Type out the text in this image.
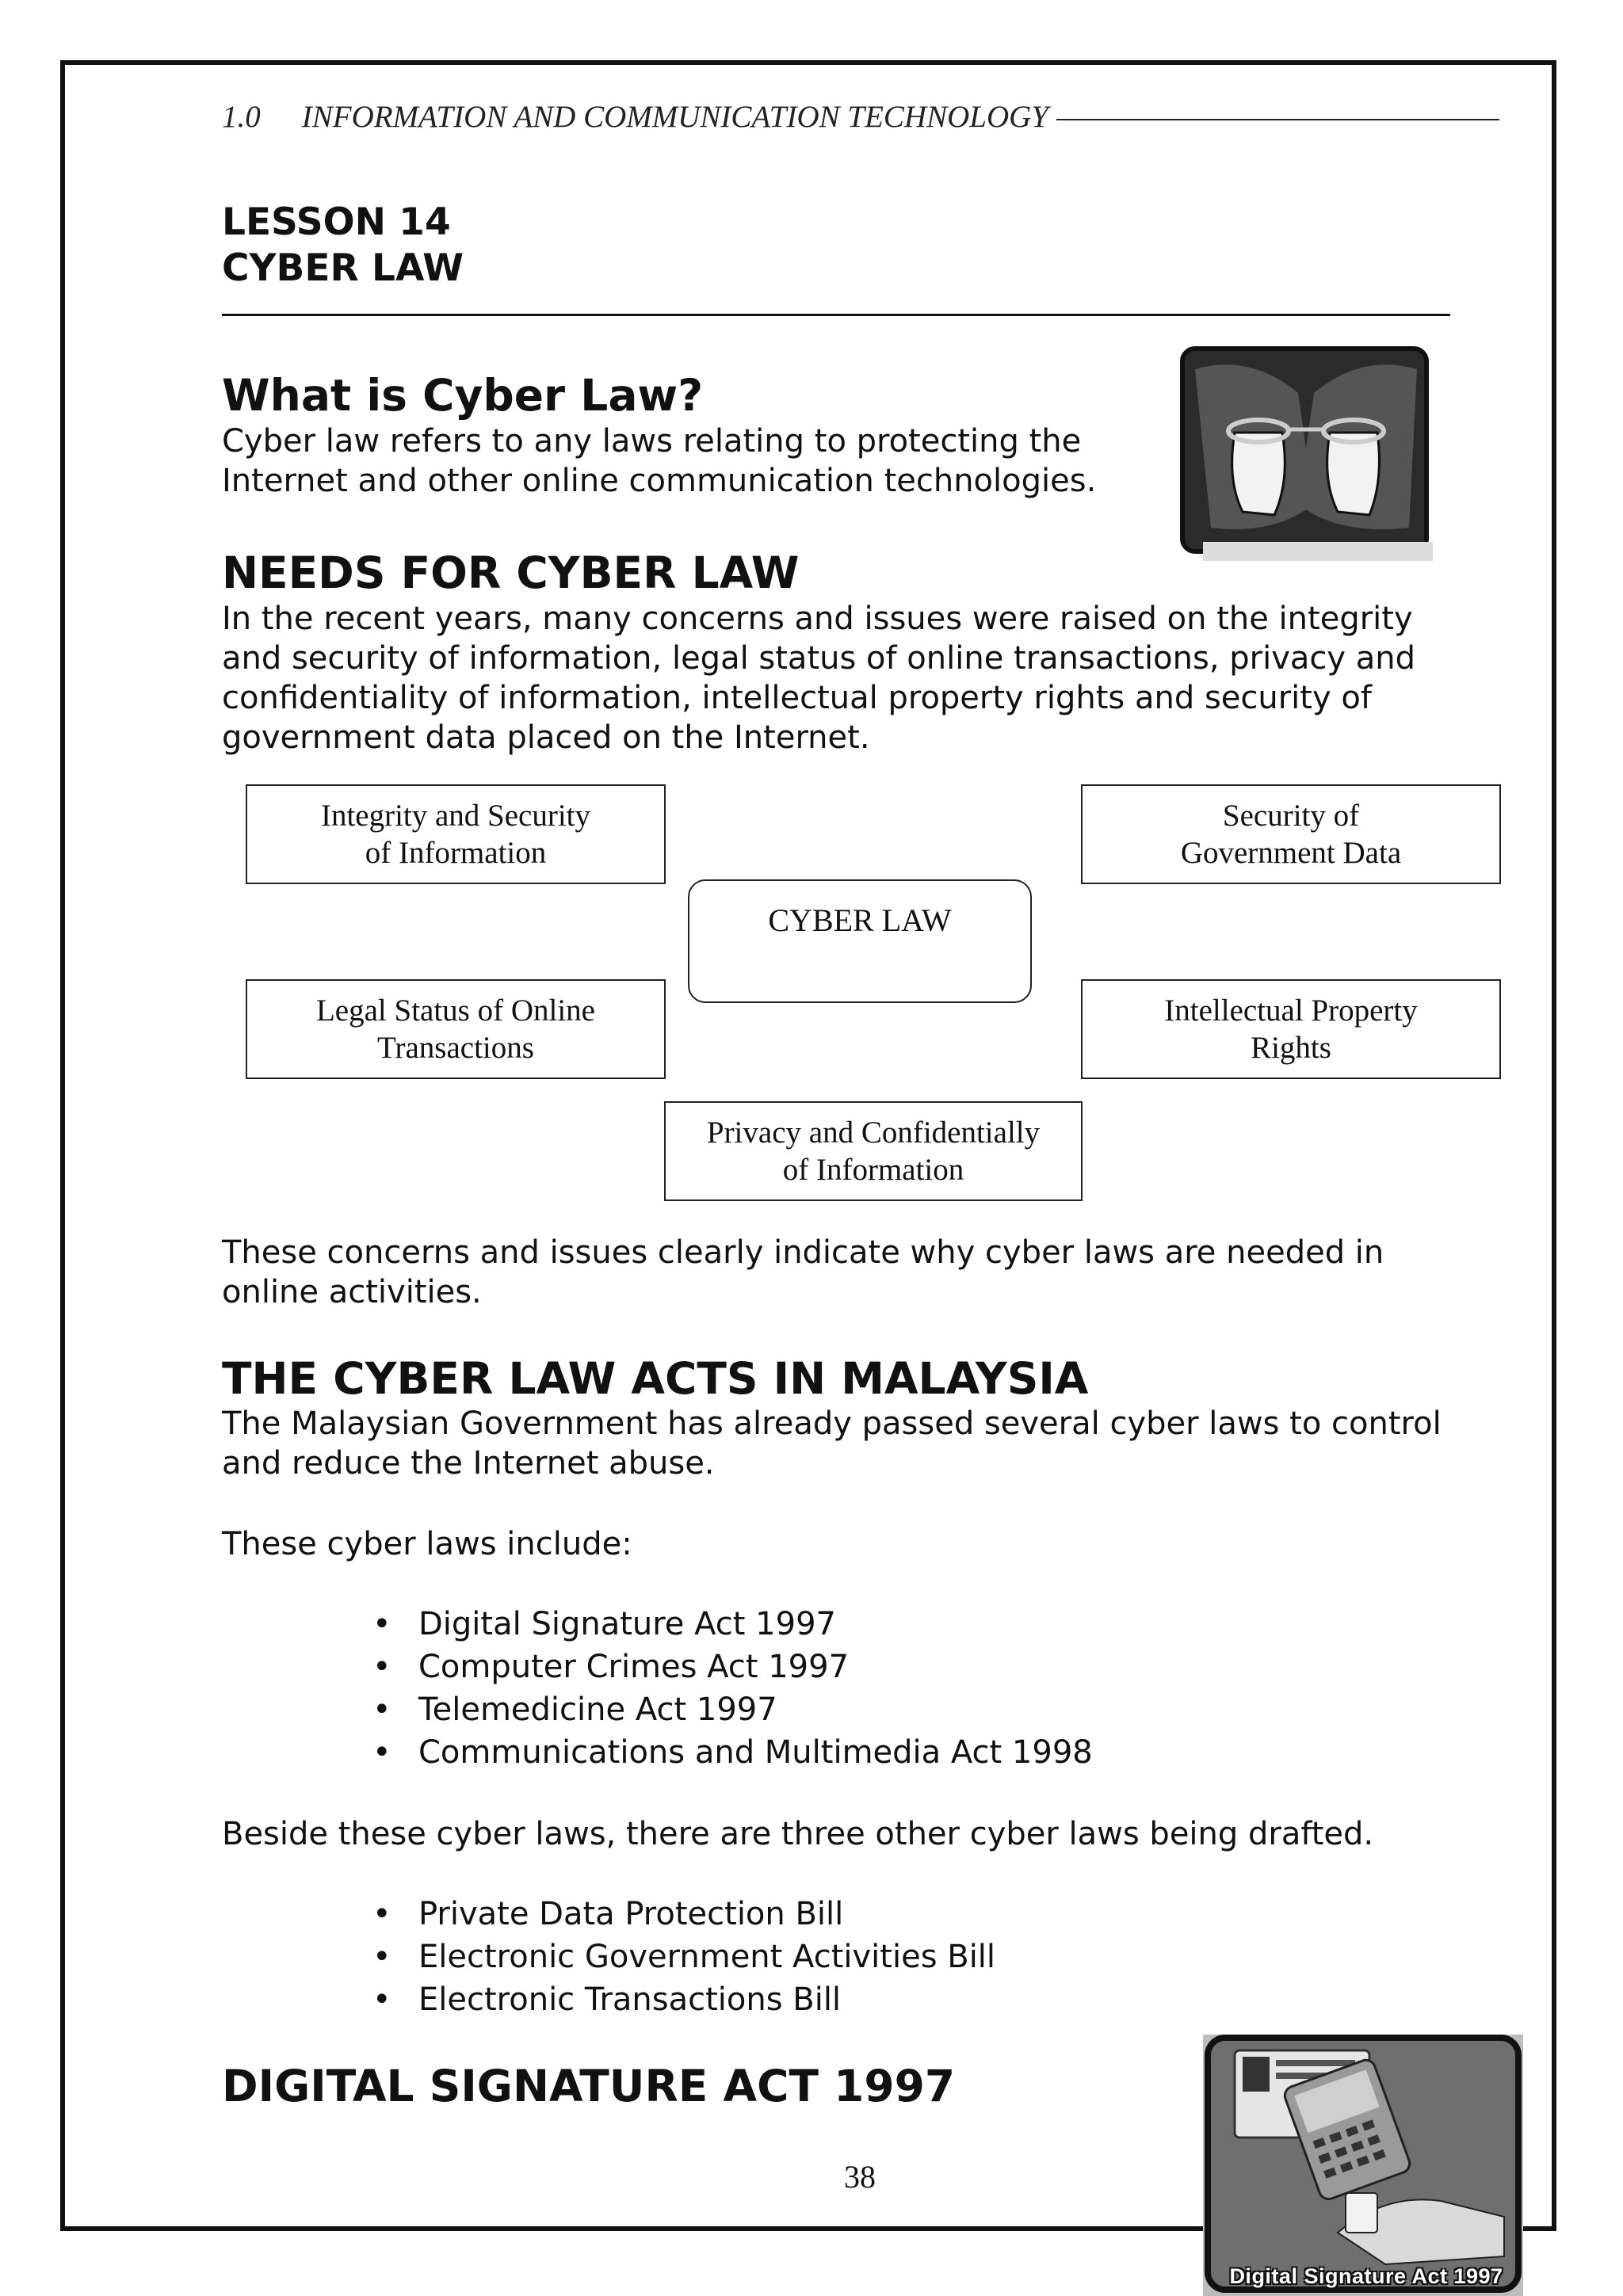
1.0 INFORMATION AND COMMUNICATION TECHNOLOGY
LESSON 14
CYBER LAW
What is Cyber Law?

Cyber law refers to any laws relating to protecting the

Internet and other online communication technologies.

NEEDS FOR CYBER LAW

In the recent years, many concerns and issues were raised on the integrity

and security of information, legal status of online transactions, privacy and

confidentiality of information, intellectual property rights and security of

government data placed on the Internet.

Integrity and Security
of Information
Security of
Government Data
CYBER LAW
Legal Status of Online
Transactions
Intellectual Property
Rights
Privacy and Confidentially
of Information

These concerns and issues clearly indicate why cyber laws are needed in

online activities.

THE CYBER LAW ACTS IN MALAYSIA

The Malaysian Government has already passed several cyber laws to control

and reduce the Internet abuse.

These cyber laws include:
• Digital Signature Act 1997
• Computer Crimes Act 1997
• Telemedicine Act 1997
• Communications and Multimedia Act 1998
Beside these cyber laws, there are three other cyber laws being drafted.
• Private Data Protection Bill
• Electronic Government Activities Bill
• Electronic Transactions Bill
DIGITAL SIGNATURE ACT 1997
Digital Signature Act 1997
38
